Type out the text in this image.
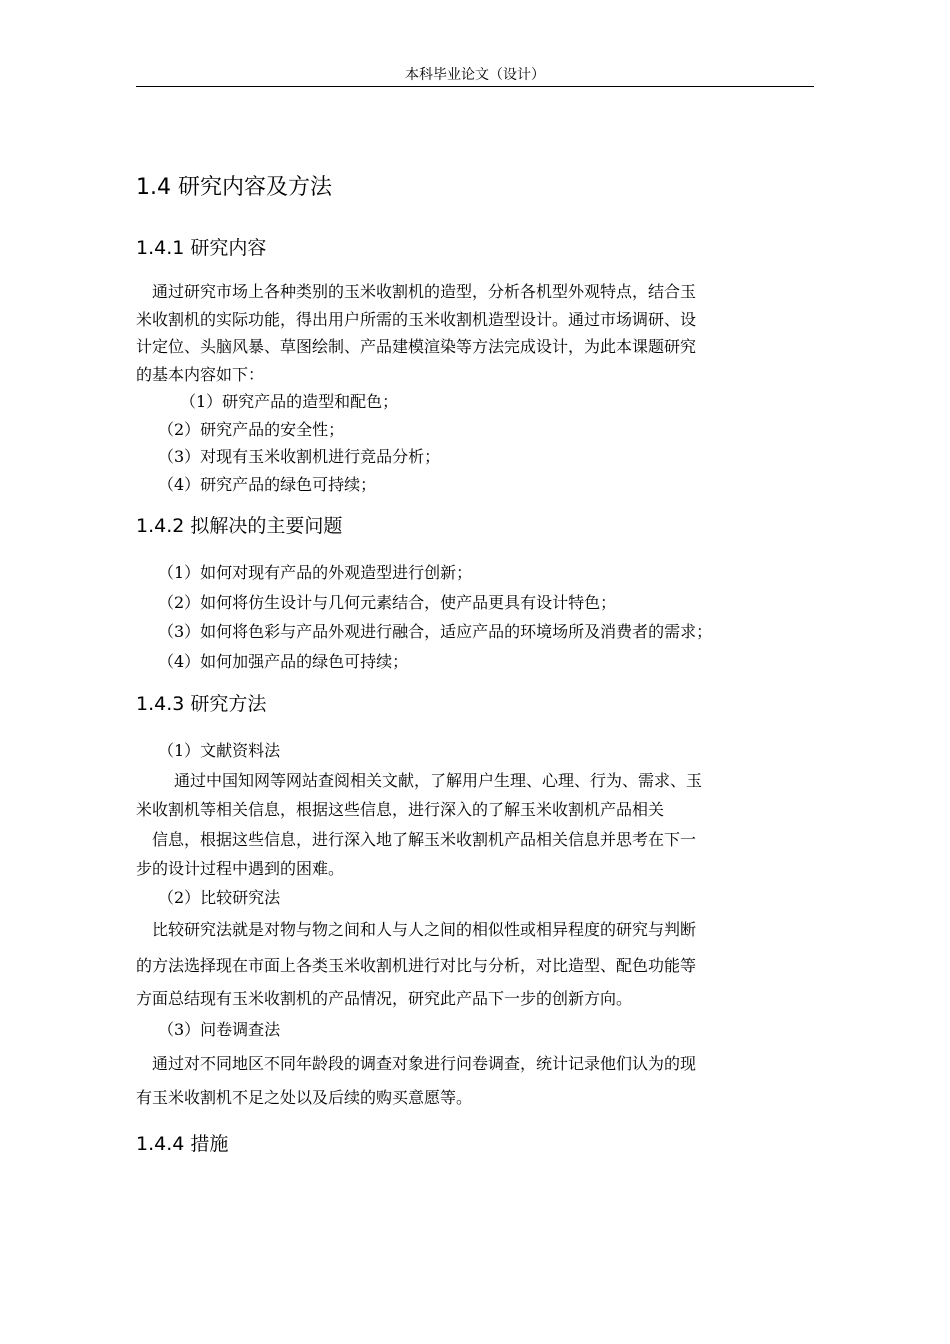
本科毕业论文（设计）
1.4 研究内容及方法
1.4.1 研究内容

通过研究市场上各种类别的玉米收割机的造型，分析各机型外观特点，结合玉

米收割机的实际功能，得出用户所需的玉米收割机造型设计。通过市场调研、设

计定位、头脑风暴、草图绘制、产品建模渲染等方法完成设计，为此本课题研究

的基本内容如下：

（1）研究产品的造型和配色；

（2）研究产品的安全性；

（3）对现有玉米收割机进行竞品分析；

（4）研究产品的绿色可持续；

1.4.2 拟解决的主要问题

（1）如何对现有产品的外观造型进行创新；

（2）如何将仿生设计与几何元素结合，使产品更具有设计特色；

（3）如何将色彩与产品外观进行融合，适应产品的环境场所及消费者的需求；

（4）如何加强产品的绿色可持续；

1.4.3 研究方法

（1）文献资料法

通过中国知网等网站查阅相关文献，了解用户生理、心理、行为、需求、玉

米收割机等相关信息，根据这些信息，进行深入的了解玉米收割机产品相关

信息，根据这些信息，进行深入地了解玉米收割机产品相关信息并思考在下一

步的设计过程中遇到的困难。

（2）比较研究法

比较研究法就是对物与物之间和人与人之间的相似性或相异程度的研究与判断

的方法选择现在市面上各类玉米收割机进行对比与分析，对比造型、配色功能等

方面总结现有玉米收割机的产品情况，研究此产品下一步的创新方向。

（3）问卷调查法

通过对不同地区不同年龄段的调查对象进行问卷调查，统计记录他们认为的现

有玉米收割机不足之处以及后续的购买意愿等。

1.4.4 措施
